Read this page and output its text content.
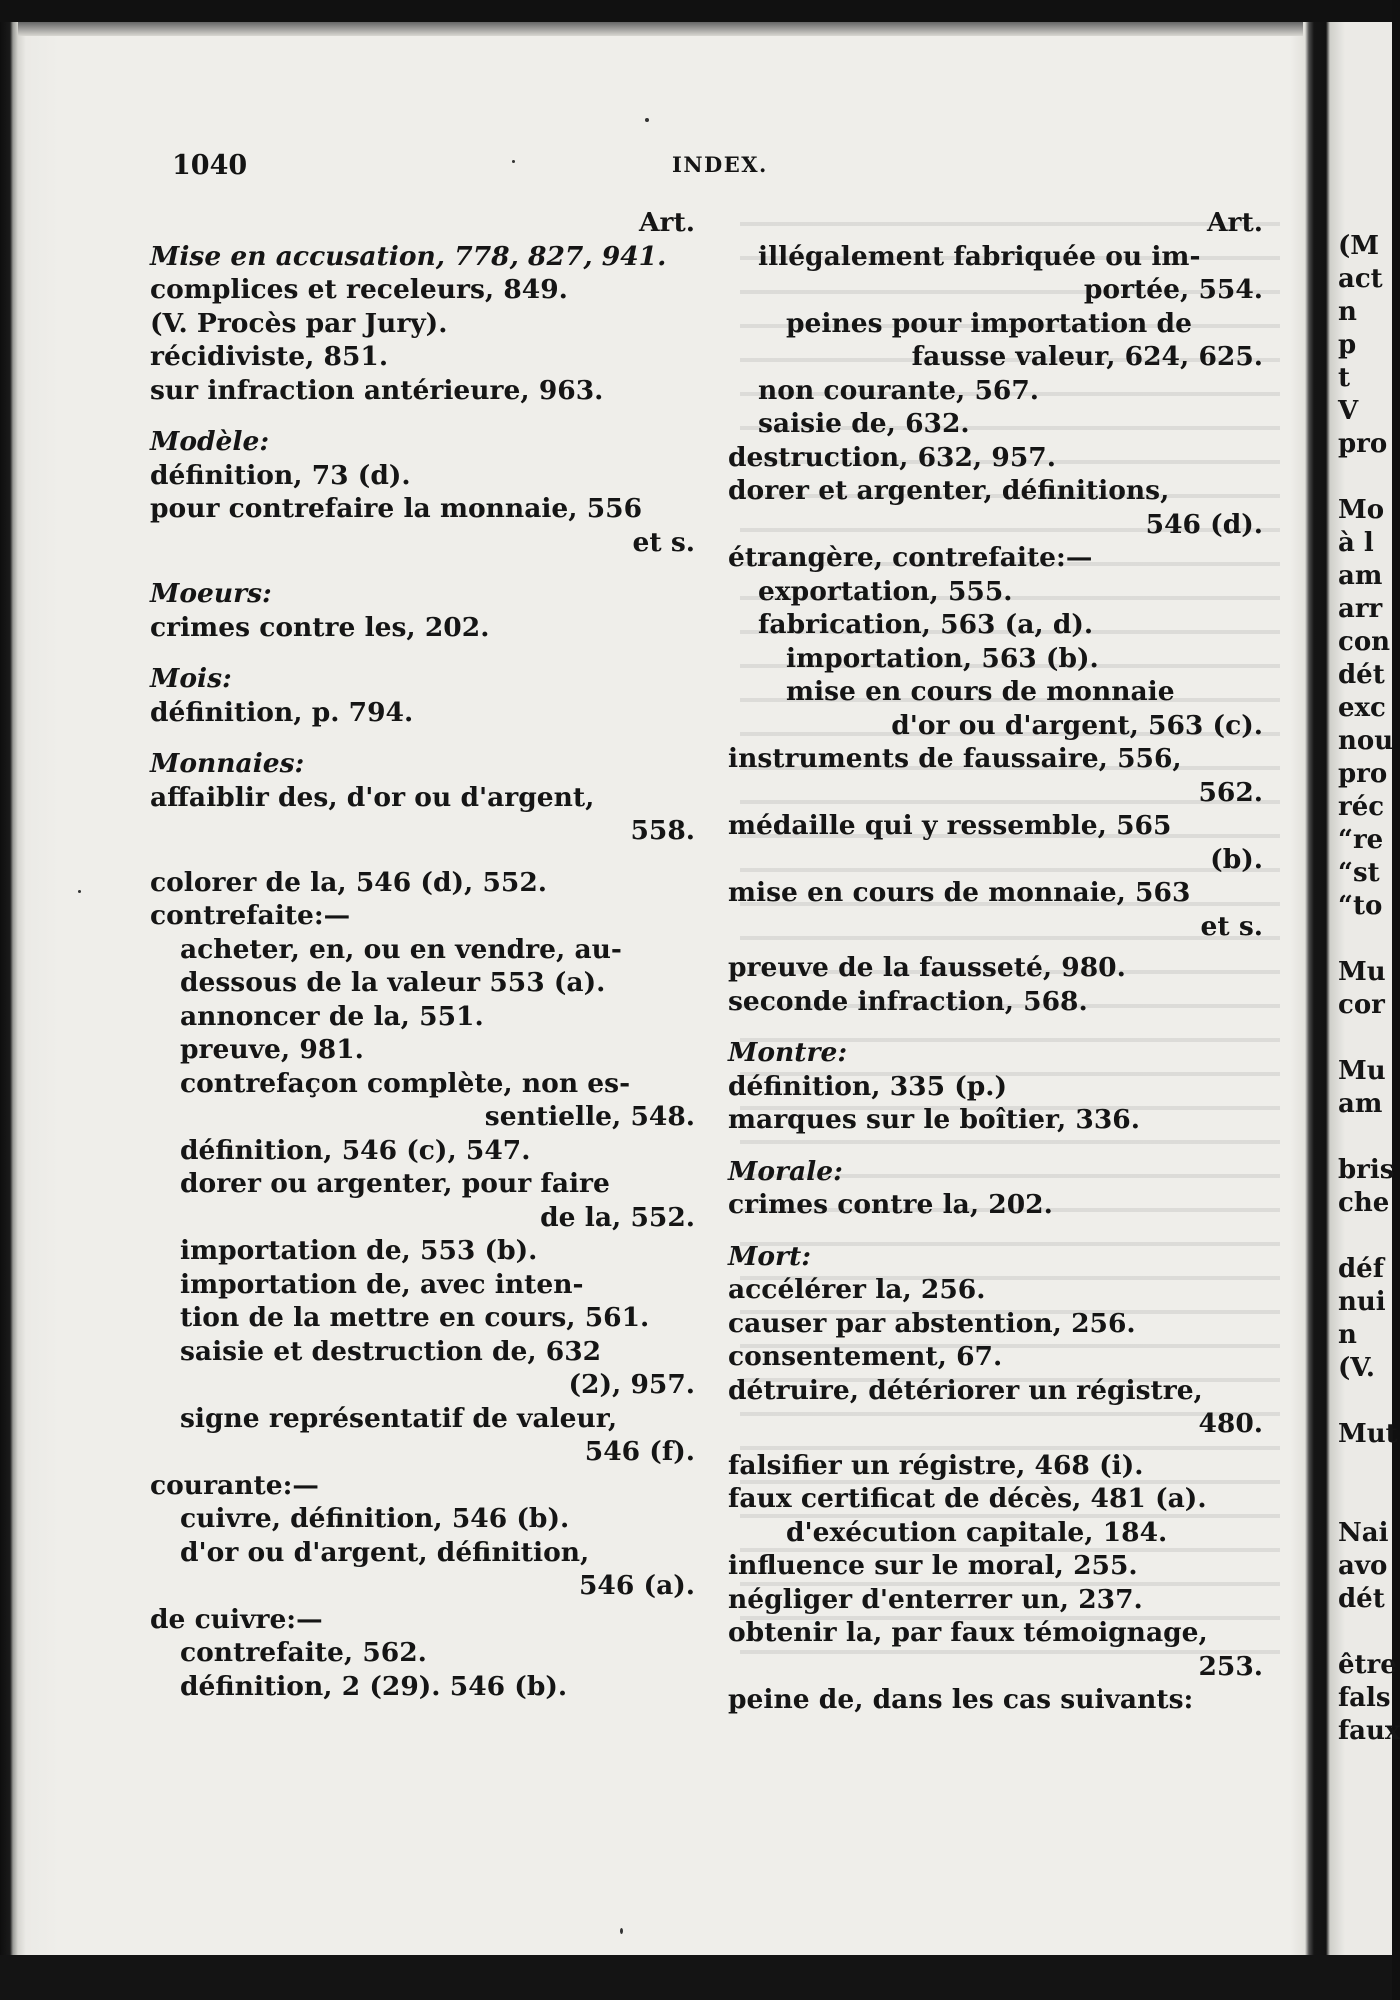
1040	INDEX.
Art.
Mise en accusation, 778, 827, 941.
complices et receleurs, 849.
(V. Procès par Jury).
récidiviste, 851.
sur infraction antérieure, 963.
Modèle:
définition, 73 (d).
pour contrefaire la monnaie, 556
et s.
Moeurs:
crimes contre les, 202.
Mois:
définition, p. 794.
Monnaies:
affaiblir des, d'or ou d'argent,
558.
colorer de la, 546 (d), 552.
contrefaite:—
acheter, en, ou en vendre, au-
dessous de la valeur 553 (a).
annoncer de la, 551.
preuve, 981.
contrefaçon complète, non es-
sentielle, 548.
définition, 546 (c), 547.
dorer ou argenter, pour faire
de la, 552.
importation de, 553 (b).
importation de, avec inten-
tion de la mettre en cours, 561.
saisie et destruction de, 632
(2), 957.
signe représentatif de valeur,
546 (f).
courante:—
cuivre, définition, 546 (b).
d'or ou d'argent, définition,
546 (a).
de cuivre:—
contrefaite, 562.
définition, 2 (29). 546 (b).
Art.
illégalement fabriquée ou im-
portée, 554.
peines pour importation de
fausse valeur, 624, 625.
non courante, 567.
saisie de, 632.
destruction, 632, 957.
dorer et argenter, définitions,
546 (d).
étrangère, contrefaite:—
exportation, 555.
fabrication, 563 (a, d).
importation, 563 (b).
mise en cours de monnaie
d'or ou d'argent, 563 (c).
instruments de faussaire, 556,
562.
médaille qui y ressemble, 565
(b).
mise en cours de monnaie, 563
et s.
preuve de la fausseté, 980.
seconde infraction, 568.
Montre:
définition, 335 (p.)
marques sur le boîtier, 336.
Morale:
crimes contre la, 202.
Mort:
accélérer la, 256.
causer par abstention, 256.
consentement, 67.
détruire, détériorer un régistre,
480.
falsifier un régistre, 468 (i).
faux certificat de décès, 481 (a).
d'exécution capitale, 184.
influence sur le moral, 255.
négliger d'enterrer un, 237.
obtenir la, par faux témoignage,
253.
peine de, dans les cas suivants:
(M
act
n
p
t
V
pro
Mo
à l
am
arr
con
dét
exc
nou
pro
réc
“re
“st
“to
Mu
cor
Mu
am
bris
che
déf
nui
n
(V.
Mut
Nai
avo
dét
être
fals
faux
